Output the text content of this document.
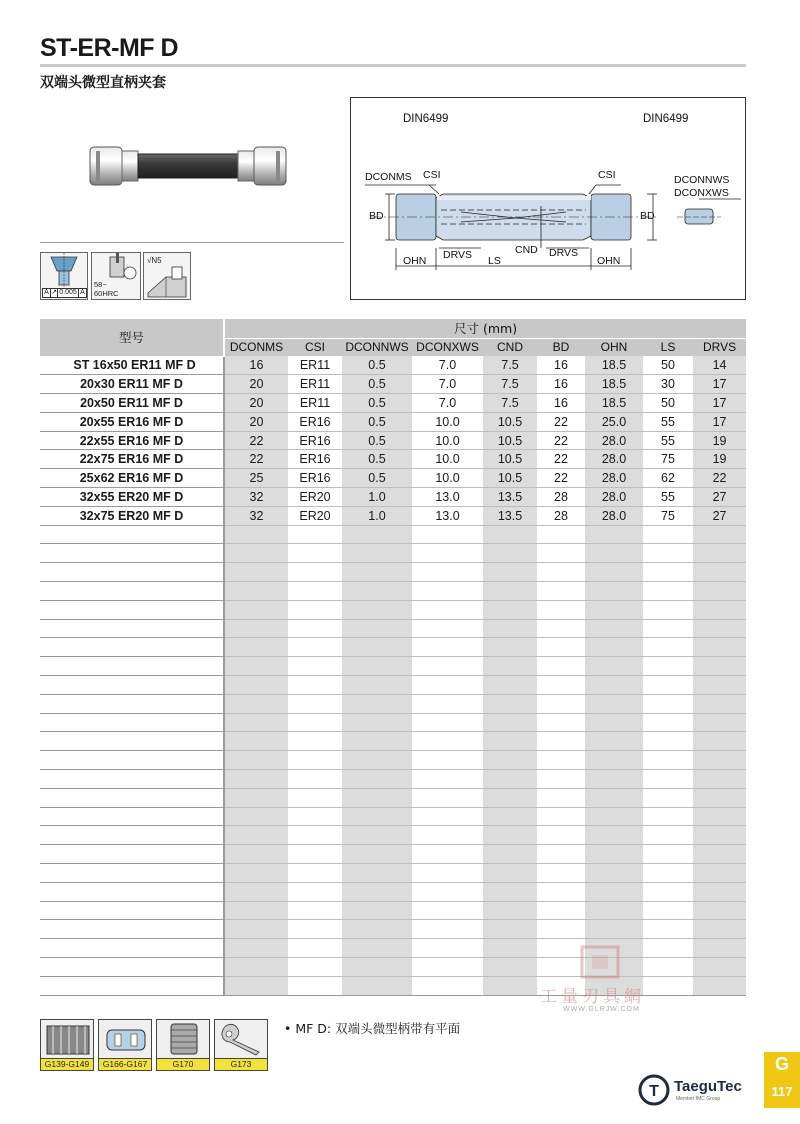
ST-ER-MF D
双端头微型直柄夹套
A ↗ 0.005 A
58~
60HRC
√N5
DIN6499	DIN6499
DCONMS CSI	CSI
BD	BD
DCONNWS
DCONXWS
OHN DRVS LS
CND DRVS
OHN
型号	尺寸 (mm)								
	DCONMS	CSI	DCONNWS	DCONXWS	CND	BD	OHN	LS	DRVS
ST 16x50 ER11 MF D	16	ER11	0.5	7.0	7.5	16	18.5	50	14
20x30 ER11 MF D	20	ER11	0.5	7.0	7.5	16	18.5	30	17
20x50 ER11 MF D	20	ER11	0.5	7.0	7.5	16	18.5	50	17
20x55 ER16 MF D	20	ER16	0.5	10.0	10.5	22	25.0	55	17
22x55 ER16 MF D	22	ER16	0.5	10.0	10.5	22	28.0	55	19
22x75 ER16 MF D	22	ER16	0.5	10.0	10.5	22	28.0	75	19
25x62 ER16 MF D	25	ER16	0.5	10.0	10.5	22	28.0	62	22
32x55 ER20 MF D	32	ER20	1.0	13.0	13.5	28	28.0	55	27
32x75 ER20 MF D	32	ER20	1.0	13.0	13.5	28	28.0	75	27

G139-G149	G166-G167	G170	G173
• MF D: 双端头微型柄带有平面
工量刃具網
WWW.GLRJW.COM
T TaeguTec
Member IMC Group
G
117
